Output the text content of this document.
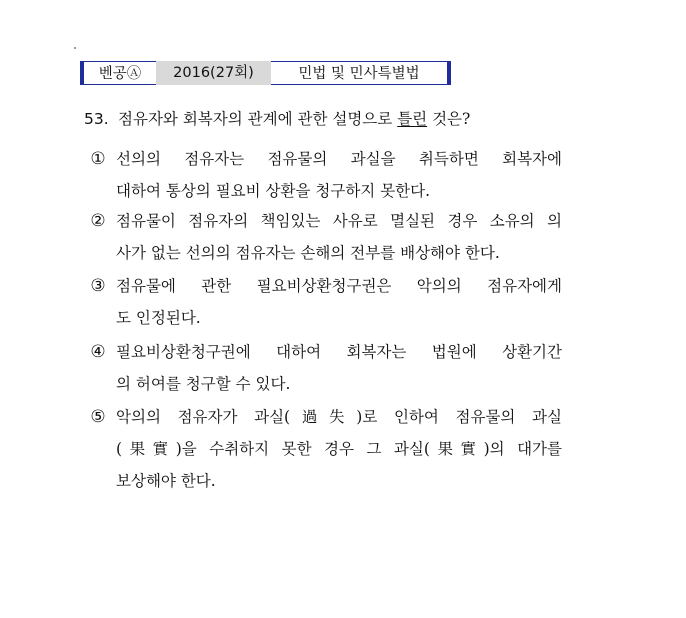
벤공Ⓐ	2016(27회)	민법 및 민사특별법
53. 점유자와 회복자의 관계에 관한 설명으로 틀린 것은?
① 선의의 점유자는 점유물의 과실을 취득하면 회복자에
대하여 통상의 필요비 상환을 청구하지 못한다.
② 점유물이 점유자의 책임있는 사유로 멸실된 경우 소유의 의
사가 없는 선의의 점유자는 손해의 전부를 배상해야 한다.
③ 점유물에 관한 필요비상환청구권은 악의의 점유자에게
도 인정된다.
④ 필요비상환청구권에 대하여 회복자는 법원에 상환기간
의 허여를 청구할 수 있다.
⑤ 악의의 점유자가 과실(過失)로 인하여 점유물의 과실
(果實)을 수취하지 못한 경우 그 과실(果實)의 대가를
보상해야 한다.
